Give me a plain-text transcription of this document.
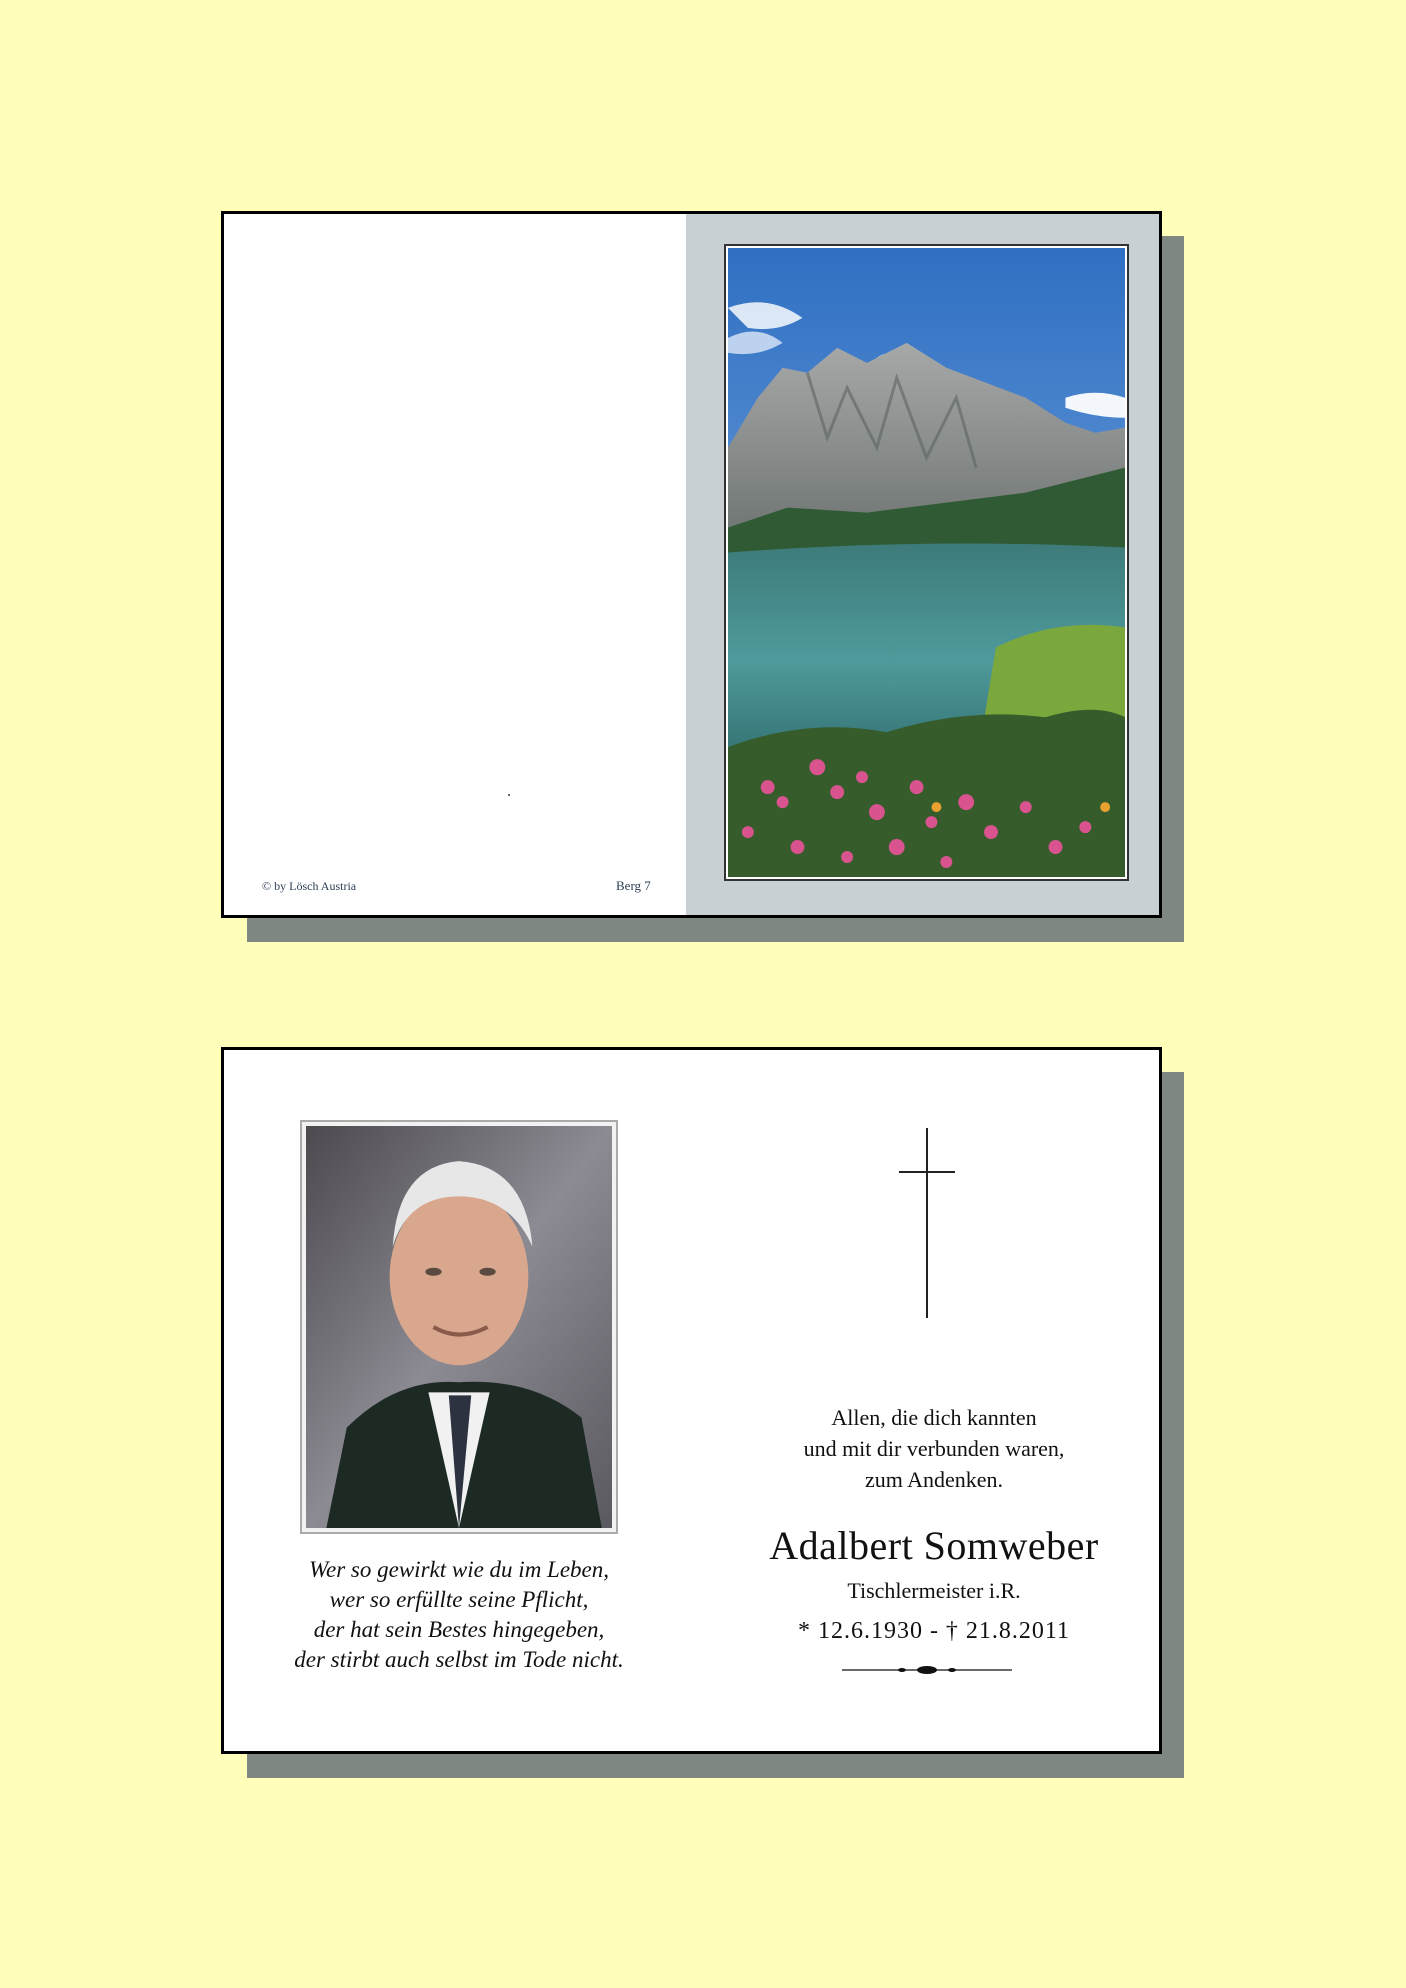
© by Lösch Austria	Berg 7
Wer so gewirkt wie du im Leben,
wer so erfüllte seine Pflicht,
der hat sein Bestes hingegeben,
der stirbt auch selbst im Tode nicht.
Allen, die dich kannten
und mit dir verbunden waren,
zum Andenken.
Adalbert Somweber
Tischlermeister i.R.
* 12.6.1930 - † 21.8.2011
